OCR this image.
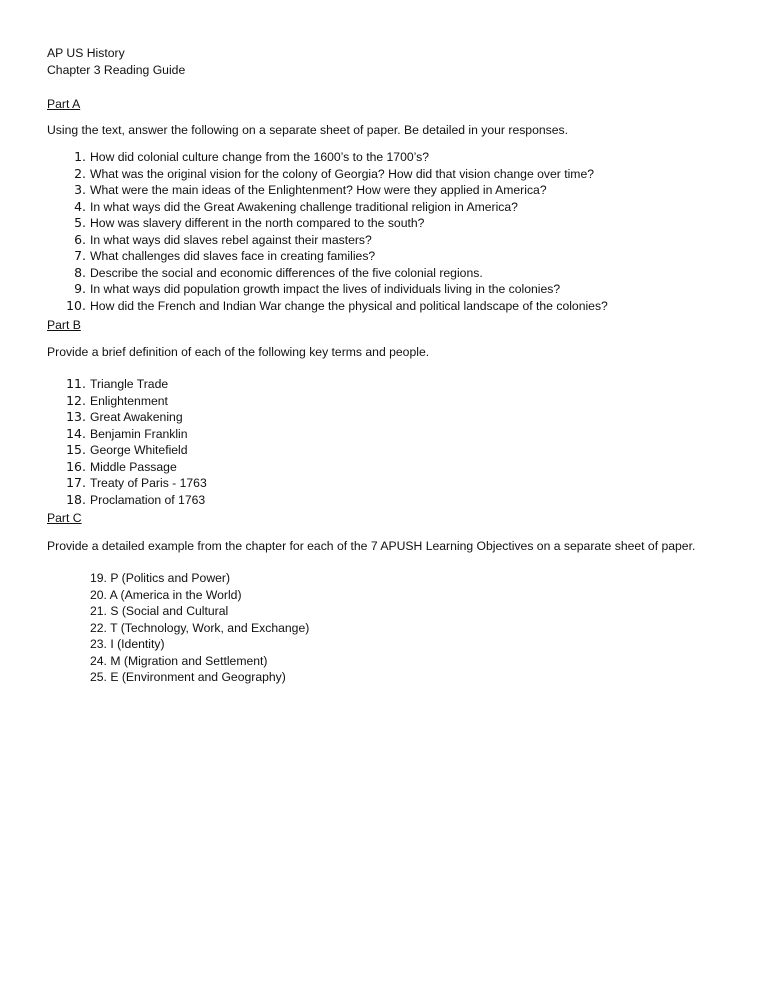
AP US History
Chapter 3 Reading Guide
Part A
Using the text, answer the following on a separate sheet of paper. Be detailed in your responses.
1. How did colonial culture change from the 1600’s to the 1700’s?
2. What was the original vision for the colony of Georgia? How did that vision change over time?
3. What were the main ideas of the Enlightenment? How were they applied in America?
4. In what ways did the Great Awakening challenge traditional religion in America?
5. How was slavery different in the north compared to the south?
6. In what ways did slaves rebel against their masters?
7. What challenges did slaves face in creating families?
8. Describe the social and economic differences of the five colonial regions.
9. In what ways did population growth impact the lives of individuals living in the colonies?
10. How did the French and Indian War change the physical and political landscape of the colonies?
Part B
Provide a brief definition of each of the following key terms and people.
11. Triangle Trade
12. Enlightenment
13. Great Awakening
14. Benjamin Franklin
15. George Whitefield
16. Middle Passage
17. Treaty of Paris - 1763
18. Proclamation of 1763
Part C
Provide a detailed example from the chapter for each of the 7 APUSH Learning Objectives on a separate sheet of paper.
19. P (Politics and Power)
20. A (America in the World)
21. S (Social and Cultural
22. T (Technology, Work, and Exchange)
23. I (Identity)
24. M (Migration and Settlement)
25. E (Environment and Geography)
